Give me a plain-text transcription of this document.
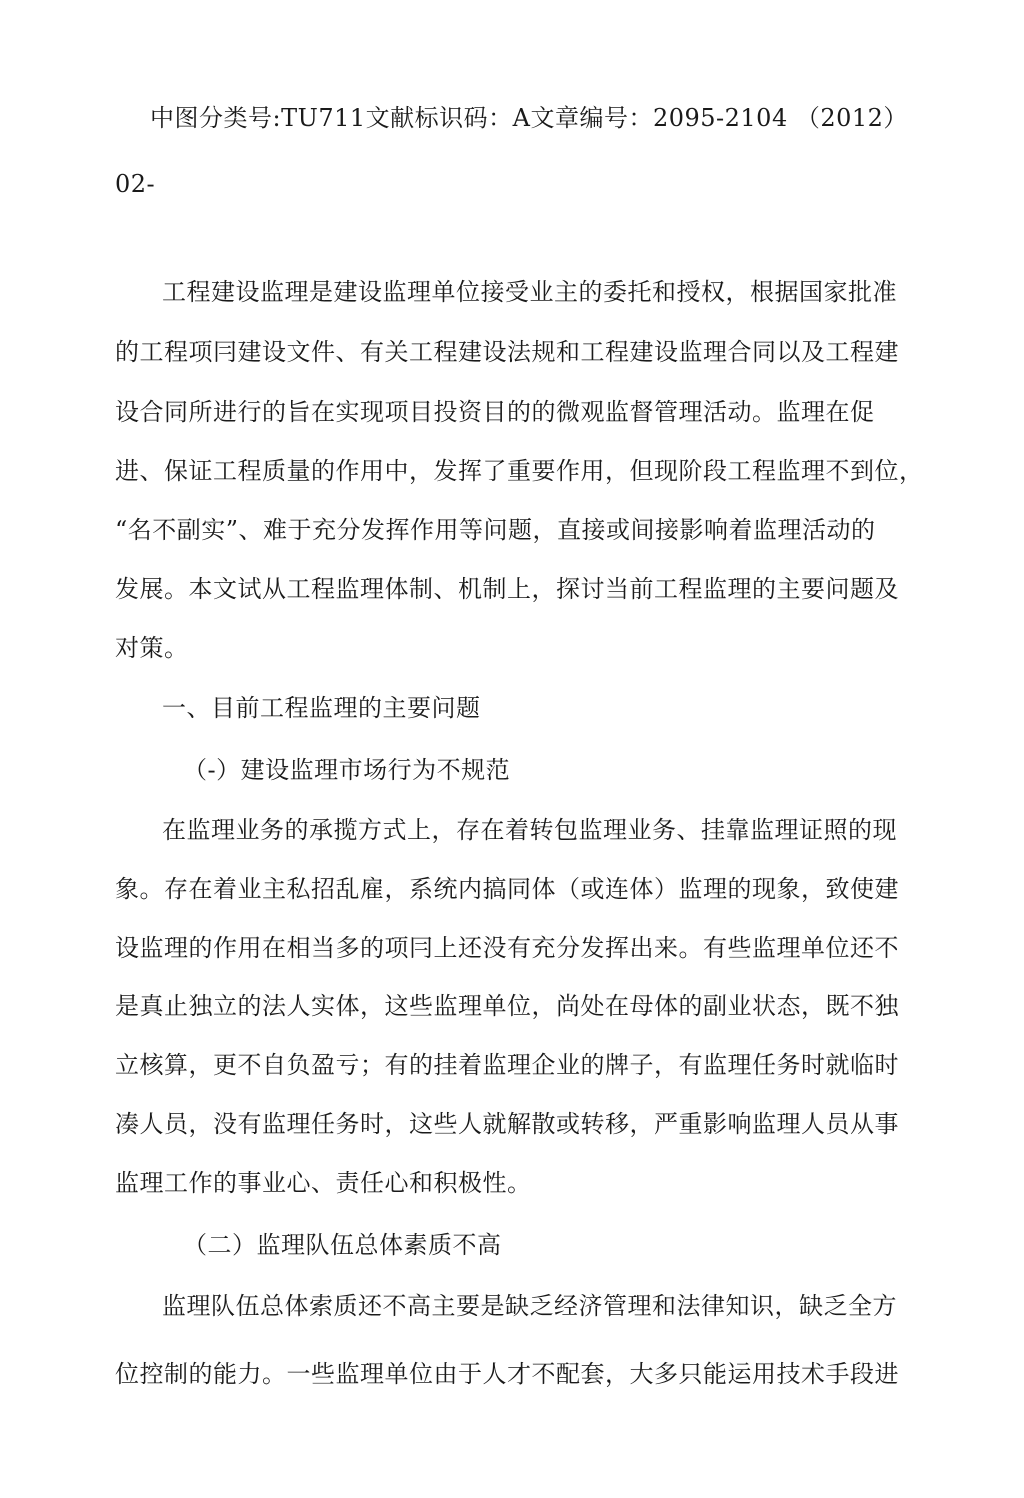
中图分类号:TU711文献标识码：A文章编号：2095-2104 （2012）
02-
工程建设监理是建设监理单位接受业主的委托和授权，根据国家批准
的工程项冃建设文件、有关工程建设法规和工程建设监理合同以及工程建
设合同所进行的旨在实现项目投资目的的微观监督管理活动。监理在促
进、保证工程质量的作用中，发挥了重要作用，但现阶段工程监理不到位，
“名不副实”、难于充分发挥作用等问题，直接或间接影响着监理活动的
发展。本文试从工程监理体制、机制上，探讨当前工程监理的主要问题及
对策。
一、目前工程监理的主要问题
（-）建设监理市场行为不规范
在监理业务的承揽方式上，存在着转包监理业务、挂靠监理证照的现
象。存在着业主私招乱雇，系统内搞同体（或连体）监理的现象，致使建
设监理的作用在相当多的项冃上还没有充分发挥出来。有些监理单位还不
是真止独立的法人实体，这些监理单位，尚处在母体的副业状态，既不独
立核算，更不自负盈亏；有的挂着监理企业的牌子，有监理任务时就临时
凑人员，没有监理任务时，这些人就解散或转移，严重影响监理人员从事
监理工作的事业心、责任心和积极性。
（二）监理队伍总体素质不高
监理队伍总体索质还不高主要是缺乏经济管理和法律知识，缺乏全方
位控制的能力。一些监理单位由于人才不配套，大多只能运用技术手段进
